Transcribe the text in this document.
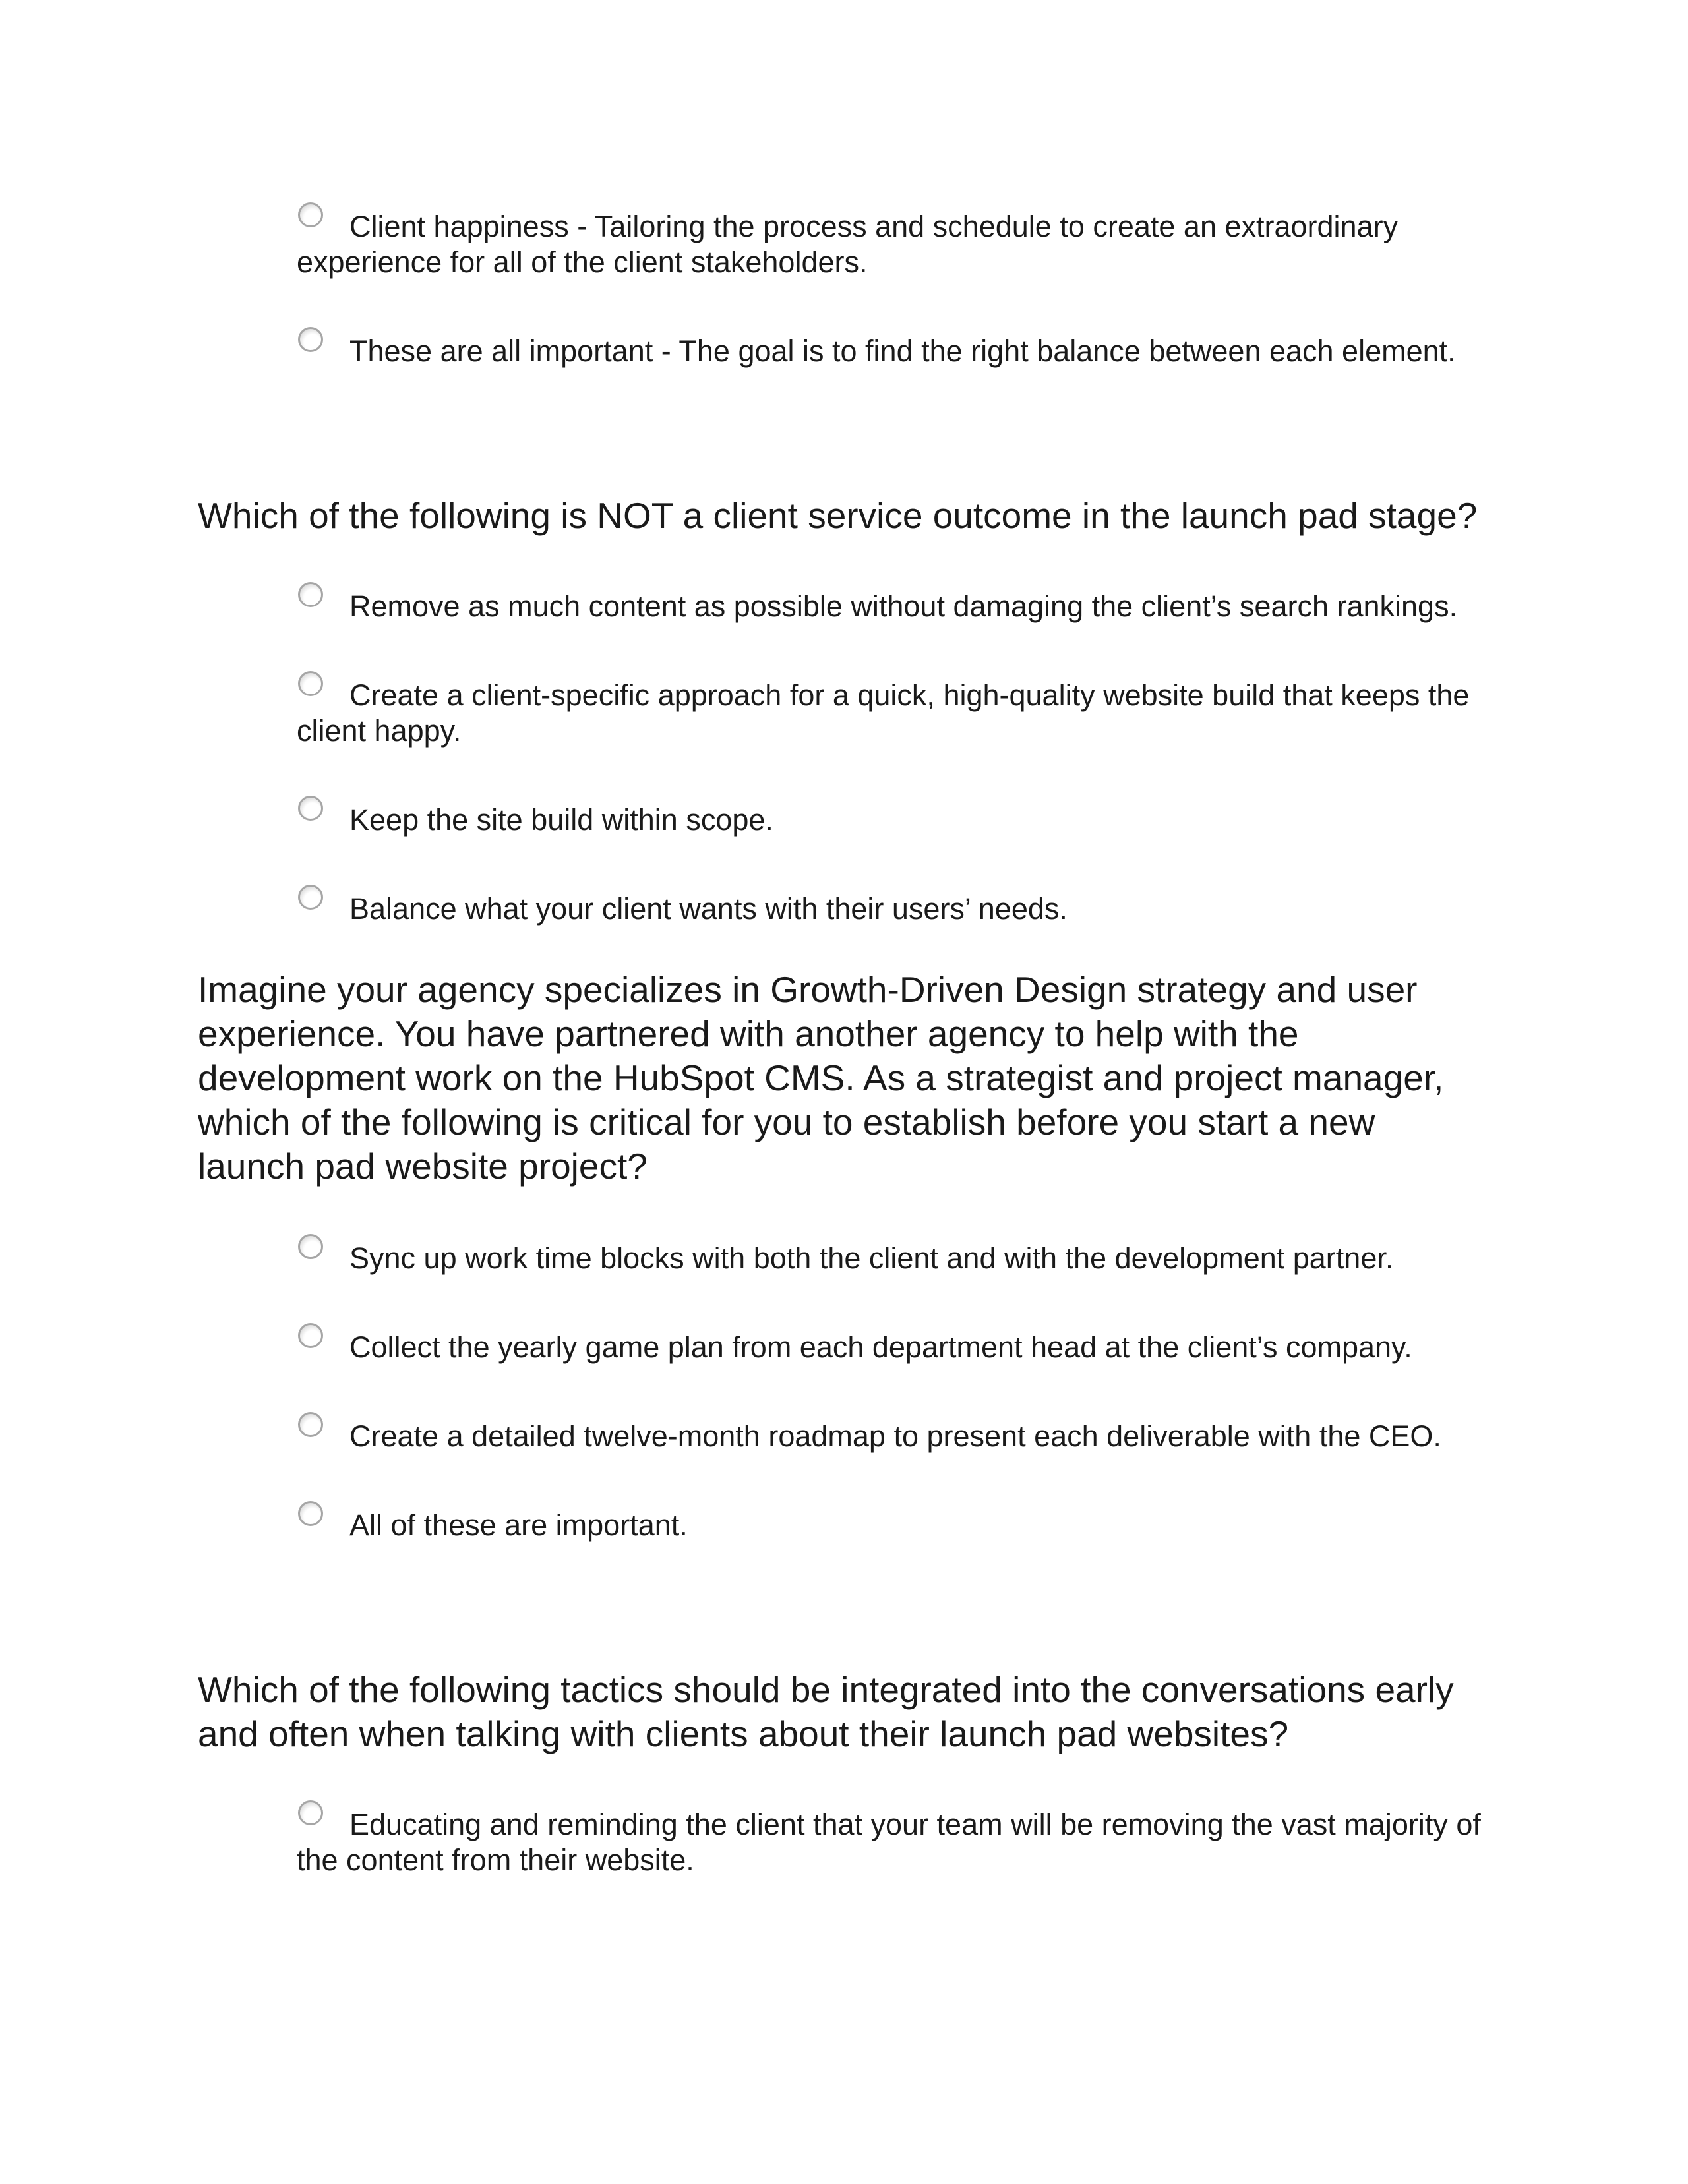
Client happiness - Tailoring the process and schedule to create an extraordinary experience for all of the client stakeholders.
These are all important - The goal is to find the right balance between each element.
Which of the following is NOT a client service outcome in the launch pad stage?
Remove as much content as possible without damaging the client’s search rankings.
Create a client-specific approach for a quick, high-quality website build that keeps the client happy.
Keep the site build within scope.
Balance what your client wants with their users’ needs.
Imagine your agency specializes in Growth-Driven Design strategy and user experience. You have partnered with another agency to help with the development work on the HubSpot CMS. As a strategist and project manager, which of the following is critical for you to establish before you start a new launch pad website project?
Sync up work time blocks with both the client and with the development partner.
Collect the yearly game plan from each department head at the client’s company.
Create a detailed twelve-month roadmap to present each deliverable with the CEO.
All of these are important.
Which of the following tactics should be integrated into the conversations early and often when talking with clients about their launch pad websites?
Educating and reminding the client that your team will be removing the vast majority of the content from their website.
